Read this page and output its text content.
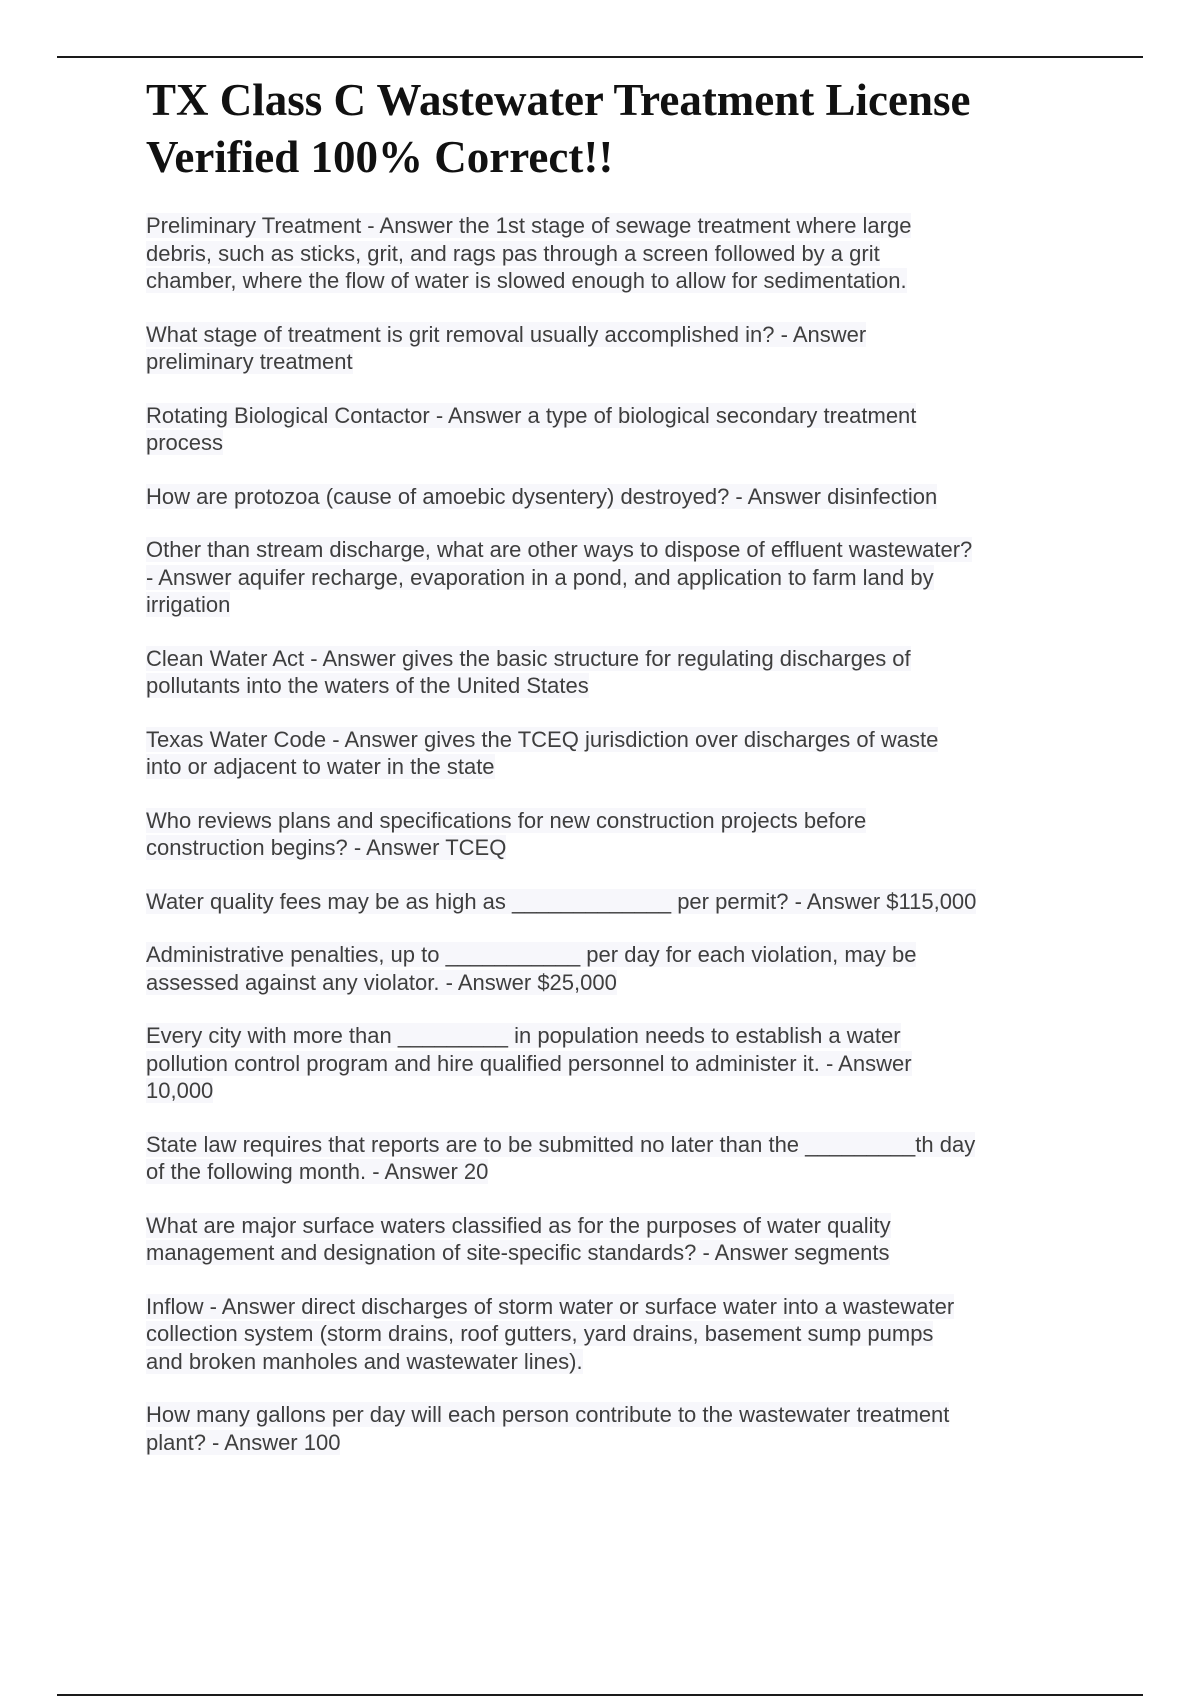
TX Class C Wastewater Treatment License
Verified 100% Correct!!

Preliminary Treatment - Answer the 1st stage of sewage treatment where large
debris, such as sticks, grit, and rags pas through a screen followed by a grit
chamber, where the flow of water is slowed enough to allow for sedimentation.

What stage of treatment is grit removal usually accomplished in? - Answer
preliminary treatment

Rotating Biological Contactor - Answer a type of biological secondary treatment
process

How are protozoa (cause of amoebic dysentery) destroyed? - Answer disinfection

Other than stream discharge, what are other ways to dispose of effluent wastewater?
- Answer aquifer recharge, evaporation in a pond, and application to farm land by
irrigation

Clean Water Act - Answer gives the basic structure for regulating discharges of
pollutants into the waters of the United States

Texas Water Code - Answer gives the TCEQ jurisdiction over discharges of waste
into or adjacent to water in the state

Who reviews plans and specifications for new construction projects before
construction begins? - Answer TCEQ

Water quality fees may be as high as _____________ per permit? - Answer $115,000

Administrative penalties, up to ___________ per day for each violation, may be
assessed against any violator. - Answer $25,000

Every city with more than _________ in population needs to establish a water
pollution control program and hire qualified personnel to administer it. - Answer
10,000

State law requires that reports are to be submitted no later than the _________th day
of the following month. - Answer 20

What are major surface waters classified as for the purposes of water quality
management and designation of site-specific standards? - Answer segments

Inflow - Answer direct discharges of storm water or surface water into a wastewater
collection system (storm drains, roof gutters, yard drains, basement sump pumps
and broken manholes and wastewater lines).

How many gallons per day will each person contribute to the wastewater treatment
plant? - Answer 100
